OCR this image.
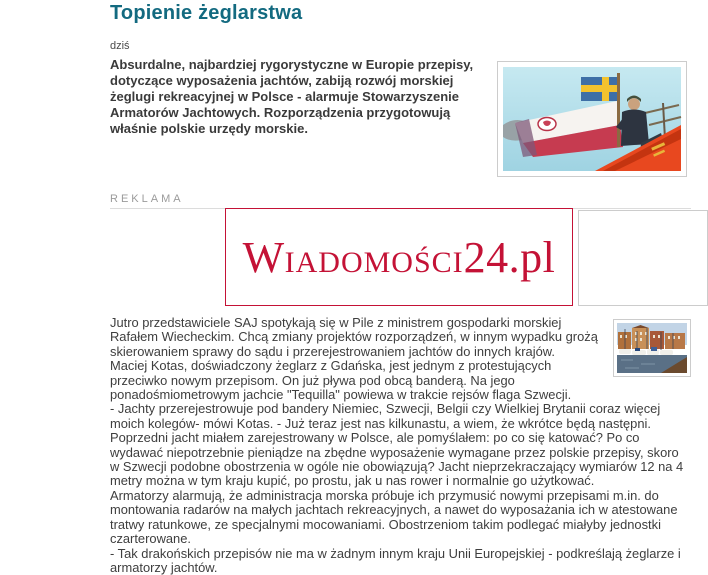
Topienie żeglarstwa
dziś

Absurdalne, najbardziej rygorystyczne w Europie przepisy, dotyczące wyposażenia jachtów, zabiją rozwój morskiej żeglugi rekreacyjnej w Polsce - alarmuje Stowarzyszenie Armatorów Jachtowych. Rozporządzenia przygotowują właśnie polskie urzędy morskie.

REKLAMA
WIADOMOŚCI24.pl

Jutro przedstawiciele SAJ spotykają się w Pile z ministrem gospodarki morskiej Rafałem Wiecheckim. Chcą zmiany projektów rozporządzeń, w innym wypadku grożą skierowaniem sprawy do sądu i przerejestrowaniem jachtów do innych krajów.

Maciej Kotas, doświadczony żeglarz z Gdańska, jest jednym z protestujących przeciwko nowym przepisom. On już pływa pod obcą banderą. Na jego ponadośmiometrowym jachcie "Tequilla" powiewa w trakcie rejsów flaga Szwecji.

- Jachty przerejestrowuje pod bandery Niemiec, Szwecji, Belgii czy Wielkiej Brytanii coraz więcej moich kolegów- mówi Kotas. - Już teraz jest nas kilkunastu, a wiem, że wkrótce będą następni. Poprzedni jacht miałem zarejestrowany w Polsce, ale pomyślałem: po co się katować? Po co wydawać niepotrzebnie pieniądze na zbędne wyposażenie wymagane przez polskie przepisy, skoro w Szwecji podobne obostrzenia w ogóle nie obowiązują? Jacht nieprzekraczający wymiarów 12 na 4 metry można w tym kraju kupić, po prostu, jak u nas rower i normalnie go użytkować.

Armatorzy alarmują, że administracja morska próbuje ich przymusić nowymi przepisami m.in. do montowania radarów na małych jachtach rekreacyjnych, a nawet do wyposażania ich w atestowane tratwy ratunkowe, ze specjalnymi mocowaniami. Obostrzeniom takim podlegać miałyby jednostki czarterowane.

- Tak drakońskich przepisów nie ma w żadnym innym kraju Unii Europejskiej - podkreślają żeglarze i armatorzy jachtów.
